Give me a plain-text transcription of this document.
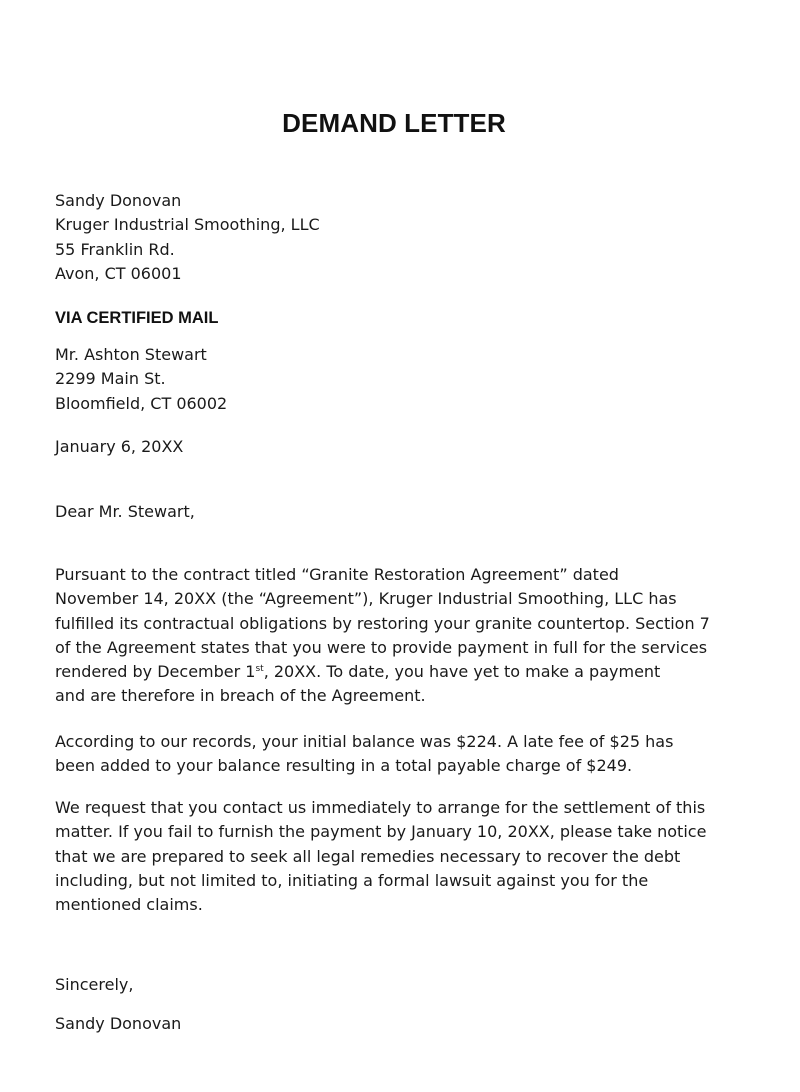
DEMAND LETTER
Sandy Donovan
Kruger Industrial Smoothing, LLC
55 Franklin Rd.
Avon, CT 06001
VIA CERTIFIED MAIL
Mr. Ashton Stewart
2299 Main St.
Bloomfield, CT 06002
January 6, 20XX
Dear Mr. Stewart,
Pursuant to the contract titled “Granite Restoration Agreement” dated
November 14, 20XX (the “Agreement”), Kruger Industrial Smoothing, LLC has
fulfilled its contractual obligations by restoring your granite countertop. Section 7
of the Agreement states that you were to provide payment in full for the services
rendered by December 1st, 20XX. To date, you have yet to make a payment
and are therefore in breach of the Agreement.
According to our records, your initial balance was $224. A late fee of $25 has
been added to your balance resulting in a total payable charge of $249.
We request that you contact us immediately to arrange for the settlement of this
matter. If you fail to furnish the payment by January 10, 20XX, please take notice
that we are prepared to seek all legal remedies necessary to recover the debt
including, but not limited to, initiating a formal lawsuit against you for the
mentioned claims.
Sincerely,
Sandy Donovan
